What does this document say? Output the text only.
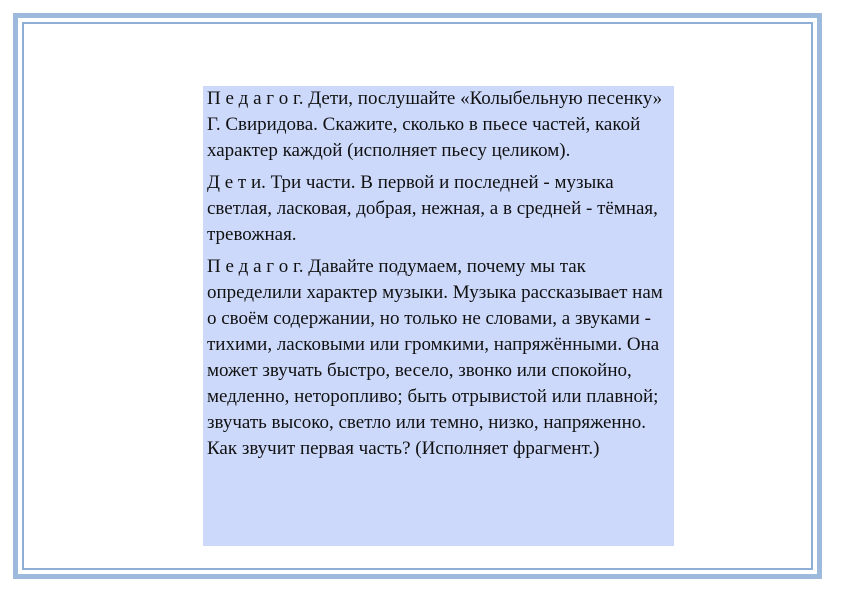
П е д а г о г. Дети, послушайте «Колыбельную песенку» Г. Свиридова. Скажите, сколько в пьесе частей, какой характер каждой (исполняет пьесу целиком).

Д е т и. Три части. В первой и последней - музыка светлая, ласковая, добрая, нежная, а в средней - тёмная, тревожная.

П е д а г о г. Давайте подумаем, почему мы так определили характер музыки. Музыка рассказывает нам о своём содержании, но только не словами, а звуками - тихими, ласковыми или громкими, напряжёнными. Она может звучать быстро, весело, звонко или спокойно, медленно, неторопливо; быть отрывистой или плавной; звучать высоко, светло или темно, низко, напряженно. Как звучит первая часть? (Исполняет фрагмент.)
